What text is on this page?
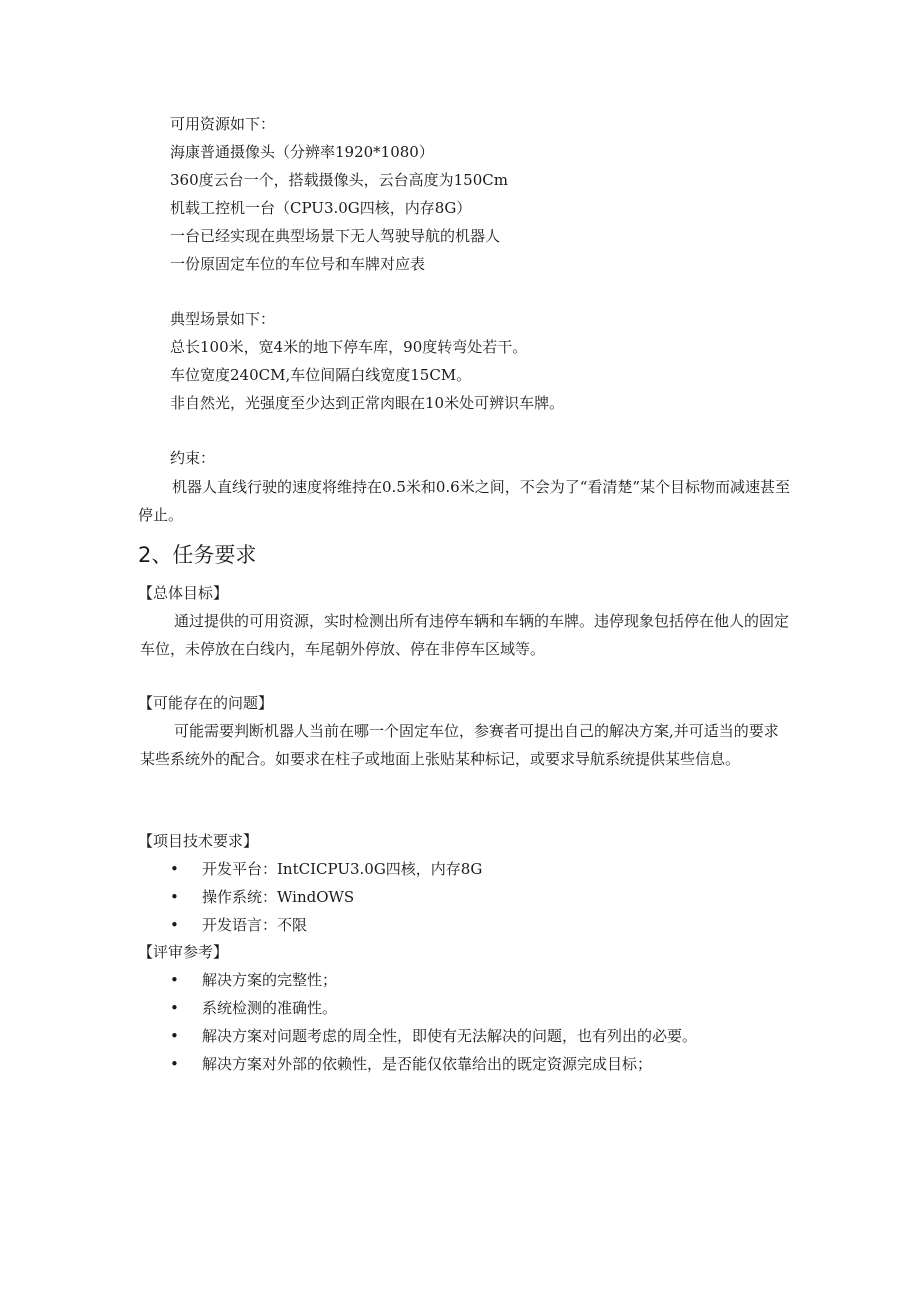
可用资源如下：
海康普通摄像头（分辨率1920*1080）
360度云台一个，搭载摄像头，云台高度为150Cm
机载工控机一台（CPU3.0G四核，内存8G）
一台已经实现在典型场景下无人驾驶导航的机器人
一份原固定车位的车位号和车牌对应表
典型场景如下：
总长100米，宽4米的地下停车库，90度转弯处若干。
车位宽度240CM,车位间隔白线宽度15CM。
非自然光，光强度至少达到正常肉眼在10米处可辨识车牌。
约束：
机器人直线行驶的速度将维持在0.5米和0.6米之间，不会为了“看清楚”某个目标物而减速甚至停止。
2、任务要求
【总体目标】
通过提供的可用资源，实时检测出所有违停车辆和车辆的车牌。违停现象包括停在他人的固定车位，未停放在白线内，车尾朝外停放、停在非停车区域等。
【可能存在的问题】
可能需要判断机器人当前在哪一个固定车位，参赛者可提出自己的解决方案,并可适当的要求某些系统外的配合。如要求在柱子或地面上张贴某种标记，或要求导航系统提供某些信息。
【项目技术要求】
• 开发平台：IntCICPU3.0G四核，内存8G
• 操作系统：WindOWS
• 开发语言：不限
【评审参考】
• 解决方案的完整性；
• 系统检测的准确性。
• 解决方案对问题考虑的周全性，即使有无法解决的问题，也有列出的必要。
• 解决方案对外部的依赖性，是否能仅依靠给出的既定资源完成目标；
